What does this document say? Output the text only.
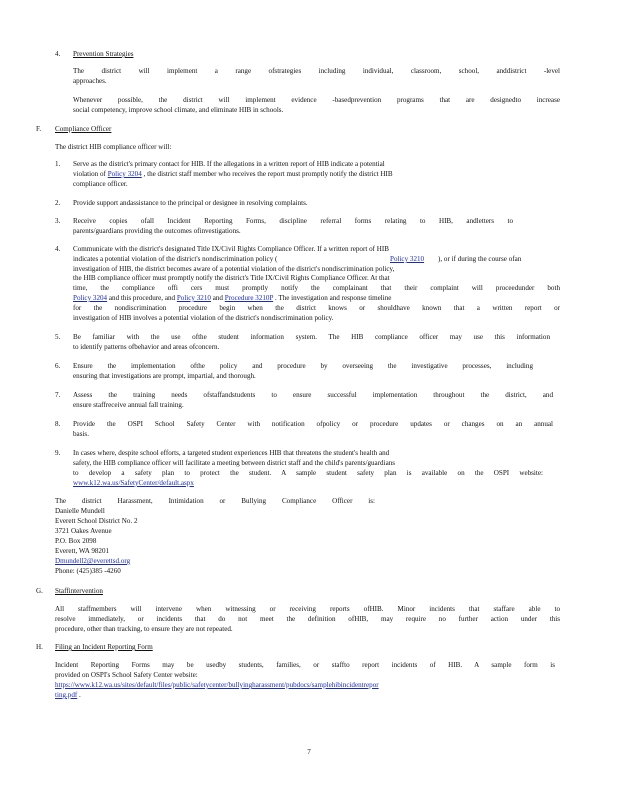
4. Prevention Strategies
The district will implement a range ofstrategies including individual, classroom, school, anddistrict -level
approaches.
Whenever possible, the district will implement evidence -basedprevention programs that are designedto increase
social competency, improve school climate, and eliminate HIB in schools.
F. Compliance Officer
The district HIB compliance officer will:
1. Serve as the district's primary contact for HIB. If the allegations in a written report of HIB indicate a potential
violation of Policy 3204 , the district staff member who receives the report must promptly notify the district HIB
compliance officer.
2. Provide support andassistance to the principal or designee in resolving complaints.
3. Receive copies ofall Incident Reporting Forms, discipline referral forms relating to HIB, andletters to
parents/guardians providing the outcomes ofinvestigations.
4. Communicate with the district's designated Title IX/Civil Rights Compliance Officer. If a written report of HIB
indicates a potential violation of the district's nondiscrimination policy (	Policy 3210 ), or if during the course ofan
investigation of HIB, the district becomes aware of a potential violation of the district's nondiscrimination policy,
the HIB compliance officer must promptly notify the district's Title IX/Civil Rights Compliance Officer. At that
time, the compliance offi cers must promptly notify the complainant that their complaint will proceedunder both
Policy 3204 and this procedure, and Policy 3210 and Procedure 3210P . The investigation and response timeline
for the nondiscrimination procedure begin when the district knows or shouldhave known that a written report or
investigation of HIB involves a potential violation of the district's nondiscrimination policy.
5. Be familiar with the use ofthe student information system. The HIB compliance officer may use this information
to identify patterns ofbehavior and areas ofconcern.
6. Ensure the implementation ofthe policy and procedure by overseeing the investigative processes, including
ensuring that investigations are prompt, impartial, and thorough.
7. Assess the training needs ofstaffandstudents to ensure successful implementation throughout the district, and
ensure staffreceive annual fall training.
8. Provide the OSPI School Safety Center with notification ofpolicy or procedure updates or changes on an annual
basis.
9. In cases where, despite school efforts, a targeted student experiences HIB that threatens the student's health and
safety, the HIB compliance officer will facilitate a meeting between district staff and the child's parents/guardians
to develop a safety plan to protect the student. A sample student safety plan is available on the OSPI website:
www.k12.wa.us/SafetyCenter/default.aspx
The district Harassment, Intimidation or Bullying Compliance Officer is:
Danielle Mundell
Everett School District No. 2
3721 Oakes Avenue
P.O. Box 2098
Everett, WA 98201
Dmundell2@everettsd.org
Phone: (425)385 -4260
G. Staffintervention
All staffmembers will intervene when witnessing or receiving reports ofHIB. Minor incidents that staffare able to
resolve immediately, or incidents that do not meet the definition ofHIB, may require no further action under this
procedure, other than tracking, to ensure they are not repeated.
H. Filing an Incident Reporting Form
Incident Reporting Forms may be usedby students, families, or staffto report incidents of HIB. A sample form is
provided on OSPI's School Safety Center website:
https://www.k12.wa.us/sites/default/files/public/safetycenter/bullyingharassment/pubdocs/samplehibincidentrepor
ting.pdf .
7
